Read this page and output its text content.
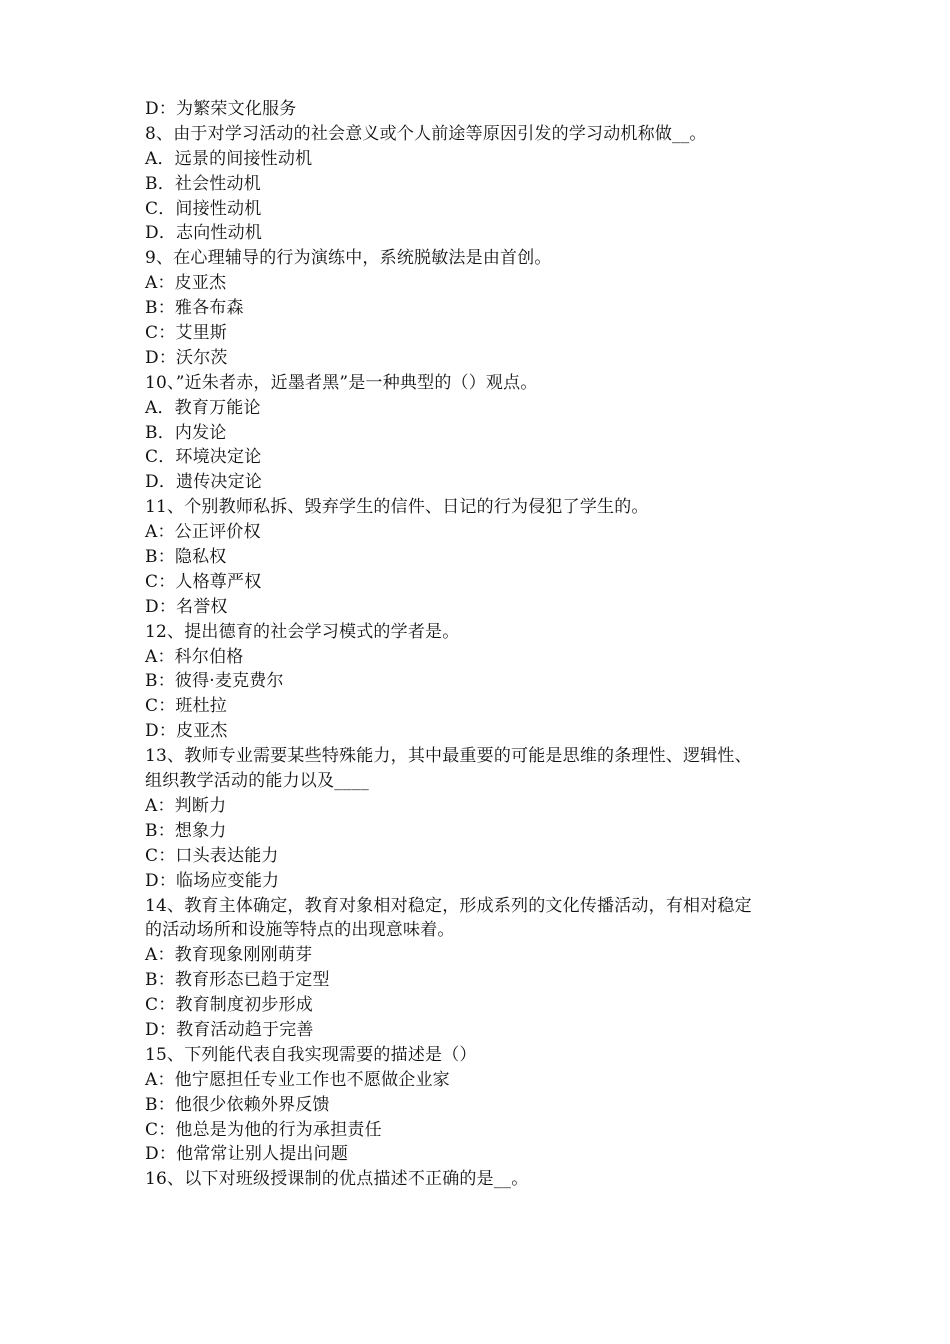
D：为繁荣文化服务
8、由于对学习活动的社会意义或个人前途等原因引发的学习动机称做__。
A．远景的间接性动机
B．社会性动机
C．间接性动机
D．志向性动机
9、在心理辅导的行为演练中，系统脱敏法是由首创。
A：皮亚杰
B：雅各布森
C：艾里斯
D：沃尔茨
10、”近朱者赤，近墨者黑”是一种典型的（）观点。
A．教育万能论
B．内发论
C．环境决定论
D．遗传决定论
11、个别教师私拆、毁弃学生的信件、日记的行为侵犯了学生的。
A：公正评价权
B：隐私权
C：人格尊严权
D：名誉权
12、提出德育的社会学习模式的学者是。
A：科尔伯格
B：彼得·麦克费尔
C：班杜拉
D：皮亚杰
13、教师专业需要某些特殊能力，其中最重要的可能是思维的条理性、逻辑性、
组织教学活动的能力以及____
A：判断力
B：想象力
C：口头表达能力
D：临场应变能力
14、教育主体确定，教育对象相对稳定，形成系列的文化传播活动，有相对稳定
的活动场所和设施等特点的出现意味着。
A：教育现象刚刚萌芽
B：教育形态已趋于定型
C：教育制度初步形成
D：教育活动趋于完善
15、下列能代表自我实现需要的描述是（）
A：他宁愿担任专业工作也不愿做企业家
B：他很少依赖外界反馈
C：他总是为他的行为承担责任
D：他常常让别人提出问题
16、以下对班级授课制的优点描述不正确的是__。
